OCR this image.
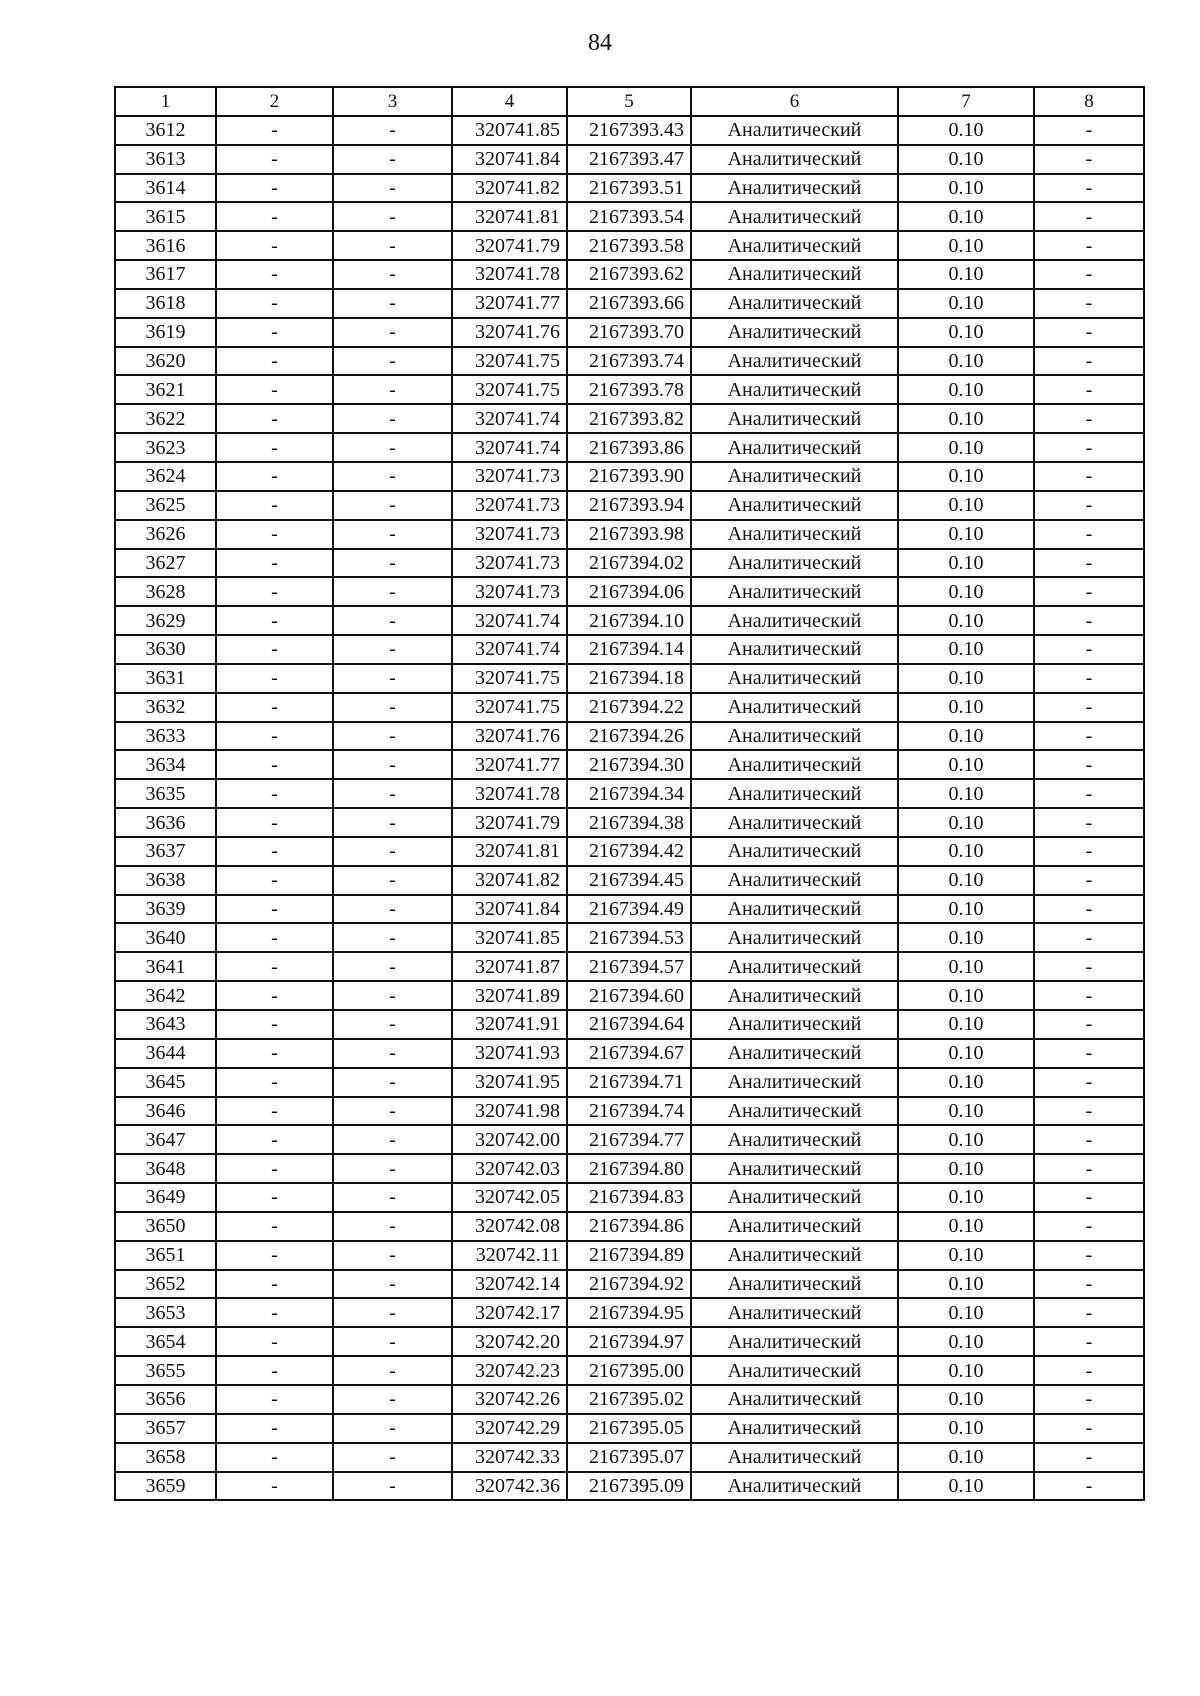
84
1	2	3	4	5	6	7	8
3612	-	-	320741.85	2167393.43	Аналитический	0.10	-
3613	-	-	320741.84	2167393.47	Аналитический	0.10	-
3614	-	-	320741.82	2167393.51	Аналитический	0.10	-
3615	-	-	320741.81	2167393.54	Аналитический	0.10	-
3616	-	-	320741.79	2167393.58	Аналитический	0.10	-
3617	-	-	320741.78	2167393.62	Аналитический	0.10	-
3618	-	-	320741.77	2167393.66	Аналитический	0.10	-
3619	-	-	320741.76	2167393.70	Аналитический	0.10	-
3620	-	-	320741.75	2167393.74	Аналитический	0.10	-
3621	-	-	320741.75	2167393.78	Аналитический	0.10	-
3622	-	-	320741.74	2167393.82	Аналитический	0.10	-
3623	-	-	320741.74	2167393.86	Аналитический	0.10	-
3624	-	-	320741.73	2167393.90	Аналитический	0.10	-
3625	-	-	320741.73	2167393.94	Аналитический	0.10	-
3626	-	-	320741.73	2167393.98	Аналитический	0.10	-
3627	-	-	320741.73	2167394.02	Аналитический	0.10	-
3628	-	-	320741.73	2167394.06	Аналитический	0.10	-
3629	-	-	320741.74	2167394.10	Аналитический	0.10	-
3630	-	-	320741.74	2167394.14	Аналитический	0.10	-
3631	-	-	320741.75	2167394.18	Аналитический	0.10	-
3632	-	-	320741.75	2167394.22	Аналитический	0.10	-
3633	-	-	320741.76	2167394.26	Аналитический	0.10	-
3634	-	-	320741.77	2167394.30	Аналитический	0.10	-
3635	-	-	320741.78	2167394.34	Аналитический	0.10	-
3636	-	-	320741.79	2167394.38	Аналитический	0.10	-
3637	-	-	320741.81	2167394.42	Аналитический	0.10	-
3638	-	-	320741.82	2167394.45	Аналитический	0.10	-
3639	-	-	320741.84	2167394.49	Аналитический	0.10	-
3640	-	-	320741.85	2167394.53	Аналитический	0.10	-
3641	-	-	320741.87	2167394.57	Аналитический	0.10	-
3642	-	-	320741.89	2167394.60	Аналитический	0.10	-
3643	-	-	320741.91	2167394.64	Аналитический	0.10	-
3644	-	-	320741.93	2167394.67	Аналитический	0.10	-
3645	-	-	320741.95	2167394.71	Аналитический	0.10	-
3646	-	-	320741.98	2167394.74	Аналитический	0.10	-
3647	-	-	320742.00	2167394.77	Аналитический	0.10	-
3648	-	-	320742.03	2167394.80	Аналитический	0.10	-
3649	-	-	320742.05	2167394.83	Аналитический	0.10	-
3650	-	-	320742.08	2167394.86	Аналитический	0.10	-
3651	-	-	320742.11	2167394.89	Аналитический	0.10	-
3652	-	-	320742.14	2167394.92	Аналитический	0.10	-
3653	-	-	320742.17	2167394.95	Аналитический	0.10	-
3654	-	-	320742.20	2167394.97	Аналитический	0.10	-
3655	-	-	320742.23	2167395.00	Аналитический	0.10	-
3656	-	-	320742.26	2167395.02	Аналитический	0.10	-
3657	-	-	320742.29	2167395.05	Аналитический	0.10	-
3658	-	-	320742.33	2167395.07	Аналитический	0.10	-
3659	-	-	320742.36	2167395.09	Аналитический	0.10	-
